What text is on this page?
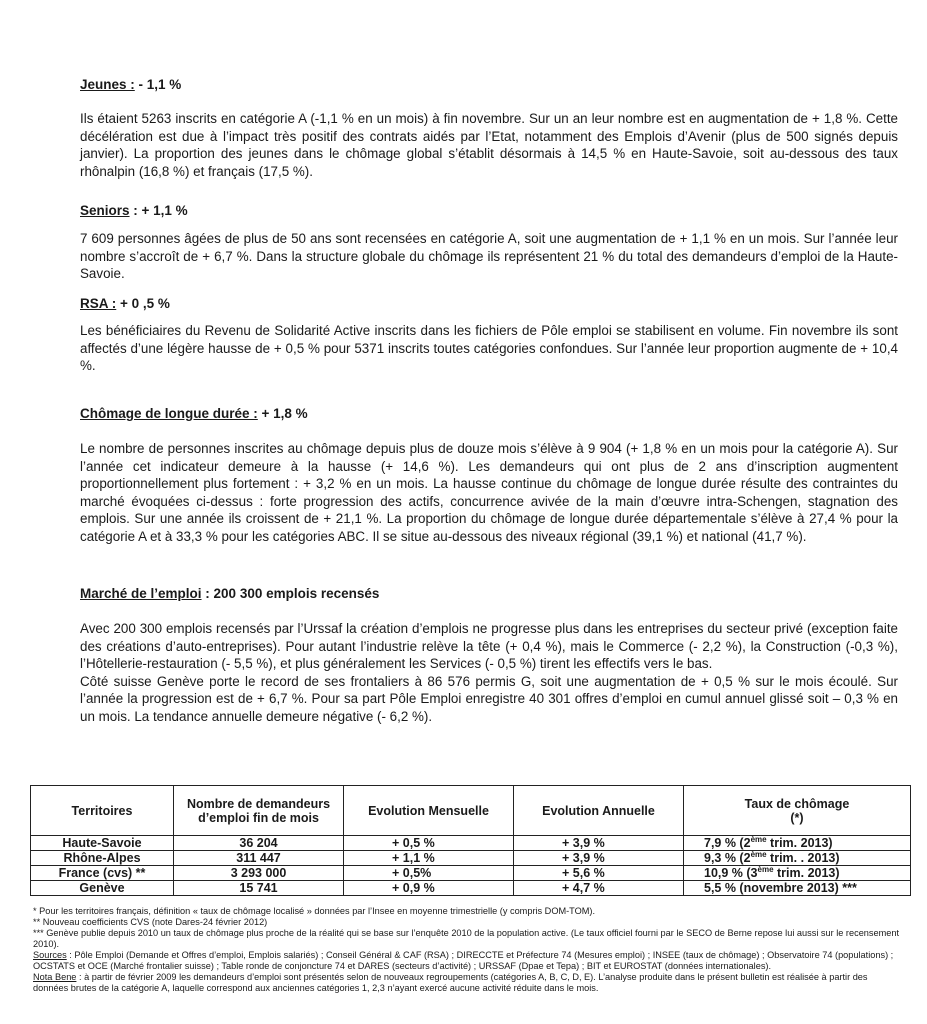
Jeunes : - 1,1 %

Ils étaient 5263 inscrits en catégorie A (-1,1 % en un mois) à fin novembre. Sur un an leur nombre est en augmentation de + 1,8 %. Cette décélération est due à l’impact très positif des contrats aidés par l’Etat, notamment des Emplois d’Avenir (plus de 500 signés depuis janvier). La proportion des jeunes dans le chômage global s’établit désormais à 14,5 % en Haute-Savoie, soit au-dessous des taux rhônalpin (16,8 %) et français (17,5 %).

Seniors : + 1,1 %

7 609 personnes âgées de plus de 50 ans sont recensées en catégorie A, soit une augmentation de + 1,1 % en un mois. Sur l’année leur nombre s’accroît de + 6,7 %. Dans la structure globale du chômage ils représentent 21 % du total des demandeurs d’emploi de la Haute-Savoie.

RSA : + 0 ,5 %

Les bénéficiaires du Revenu de Solidarité Active inscrits dans les fichiers de Pôle emploi se stabilisent en volume. Fin novembre ils sont affectés d’une légère hausse de + 0,5 % pour 5371 inscrits toutes catégories confondues. Sur l’année leur proportion augmente de + 10,4 %.

Chômage de longue durée : + 1,8 %

Le nombre de personnes inscrites au chômage depuis plus de douze mois s’élève à 9 904 (+ 1,8 % en un mois pour la catégorie A). Sur l’année cet indicateur demeure à la hausse (+ 14,6 %). Les demandeurs qui ont plus de 2 ans d’inscription augmentent proportionnellement plus fortement : + 3,2 % en un mois. La hausse continue du chômage de longue durée résulte des contraintes du marché évoquées ci-dessus : forte progression des actifs, concurrence avivée de la main d’œuvre intra-Schengen, stagnation des emplois. Sur une année ils croissent de + 21,1 %. La proportion du chômage de longue durée départementale s’élève à 27,4 % pour la catégorie A et à 33,3 % pour les catégories ABC. Il se situe au-dessous des niveaux régional (39,1 %) et national (41,7 %).

Marché de l’emploi : 200 300 emplois recensés

Avec 200 300 emplois recensés par l’Urssaf la création d’emplois ne progresse plus dans les entreprises du secteur privé (exception faite des créations d’auto-entreprises). Pour autant l’industrie relève la tête (+ 0,4 %), mais le Commerce (- 2,2 %), la Construction (-0,3 %), l’Hôtellerie-restauration (- 5,5 %), et plus généralement les Services (- 0,5 %) tirent les effectifs vers le bas.

Côté suisse Genève porte le record de ses frontaliers à 86 576 permis G, soit une augmentation de + 0,5 % sur le mois écoulé. Sur l’année la progression est de + 6,7 %. Pour sa part Pôle Emploi enregistre 40 301 offres d’emploi en cumul annuel glissé soit – 0,3 % en un mois. La tendance annuelle demeure négative (- 6,2 %).

Territoires	Nombre de demandeurs d’emploi fin de mois	Evolution Mensuelle	Evolution Annuelle	Taux de chômage
(*)

Haute-Savoie	36 204	+ 0,5 %	+ 3,9 %	7,9 % (2ème trim. 2013)
Rhône-Alpes	311 447	+ 1,1 %	+ 3,9 %	9,3 % (2ème trim. . 2013)
France (cvs) **	3 293 000	+ 0,5%	+ 5,6 %	10,9 % (3ème trim. 2013)
Genève	15 741	+ 0,9 %	+ 4,7 %	5,5 % (novembre 2013) ***

* Pour les territoires français, définition « taux de chômage localisé » données par l’Insee en moyenne trimestrielle (y compris DOM-TOM).

** Nouveau coefficients CVS (note Dares-24 février 2012)

*** Genève publie depuis 2010 un taux de chômage plus proche de la réalité qui se base sur l’enquête 2010 de la population active. (Le taux officiel fourni par le SECO de Berne repose lui aussi sur le recensement 2010).

Sources : Pôle Emploi (Demande et Offres d’emploi, Emplois salariés) ; Conseil Général & CAF (RSA) ; DIRECCTE et Préfecture 74 (Mesures emploi) ; INSEE (taux de chômage) ; Observatoire 74 (populations) ; OCSTATS et OCE (Marché frontalier suisse) ; Table ronde de conjoncture 74 et DARES (secteurs d’activité) ; URSSAF (Dpae et Tepa) ; BIT et EUROSTAT (données internationales).

Nota Bene : à partir de février 2009 les demandeurs d’emploi sont présentés selon de nouveaux regroupements (catégories A, B, C, D, E). L’analyse produite dans le présent bulletin est réalisée à partir des données brutes de la catégorie A, laquelle correspond aux anciennes catégories 1, 2,3 n’ayant exercé aucune activité réduite dans le mois.
